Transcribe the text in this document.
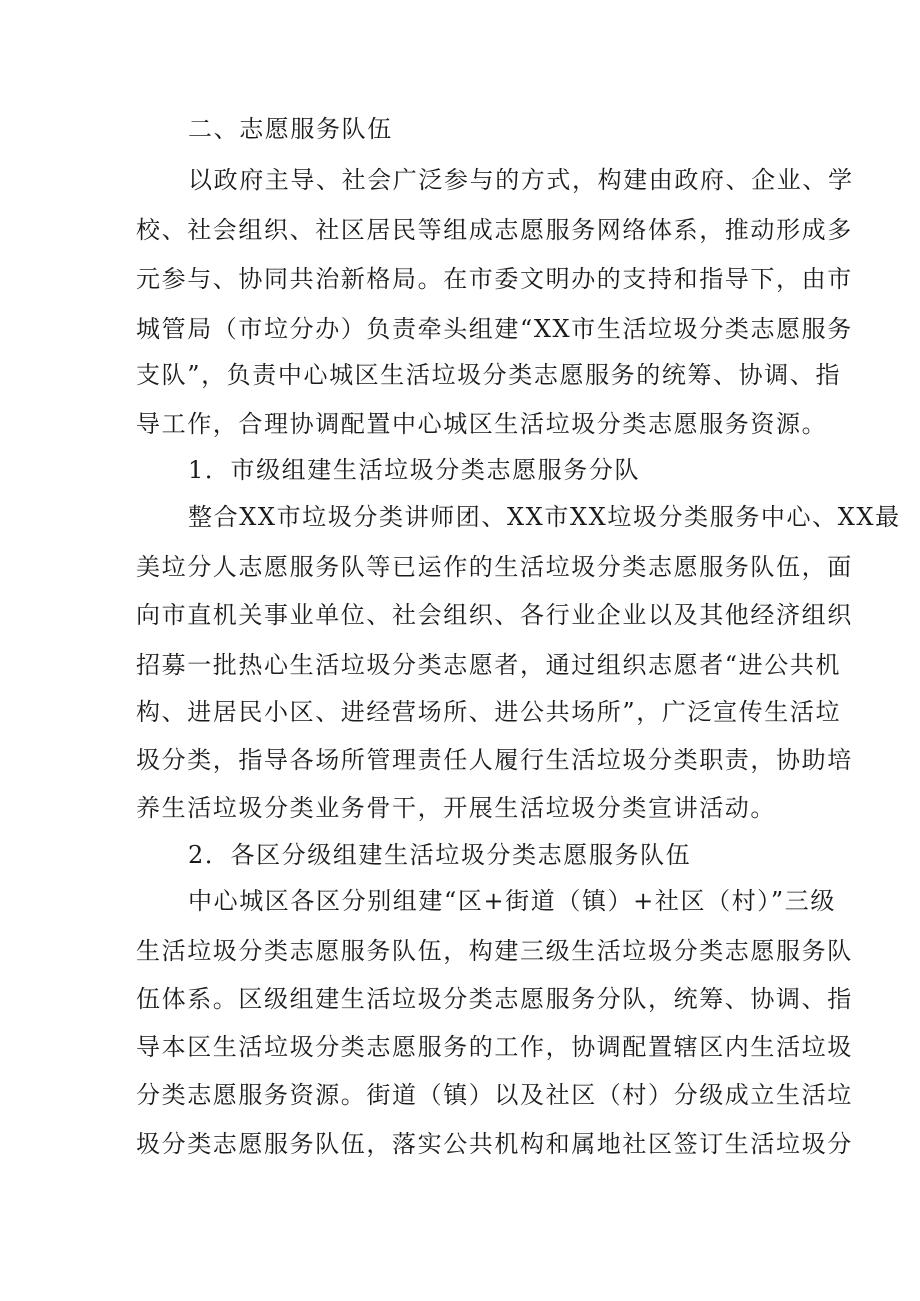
二、志愿服务队伍
以政府主导、社会广泛参与的方式，构建由政府、企业、学
校、社会组织、社区居民等组成志愿服务网络体系，推动形成多
元参与、协同共治新格局。在市委文明办的支持和指导下，由市
城管局（市垃分办）负责牵头组建“XX市生活垃圾分类志愿服务
支队”，负责中心城区生活垃圾分类志愿服务的统筹、协调、指
导工作，合理协调配置中心城区生活垃圾分类志愿服务资源。
1．市级组建生活垃圾分类志愿服务分队
整合XX市垃圾分类讲师团、XX市XX垃圾分类服务中心、XX最
美垃分人志愿服务队等已运作的生活垃圾分类志愿服务队伍，面
向市直机关事业单位、社会组织、各行业企业以及其他经济组织
招募一批热心生活垃圾分类志愿者，通过组织志愿者“进公共机
构、进居民小区、进经营场所、进公共场所”，广泛宣传生活垃
圾分类，指导各场所管理责任人履行生活垃圾分类职责，协助培
养生活垃圾分类业务骨干，开展生活垃圾分类宣讲活动。
2．各区分级组建生活垃圾分类志愿服务队伍
中心城区各区分别组建“区+街道（镇）+社区（村）”三级
生活垃圾分类志愿服务队伍，构建三级生活垃圾分类志愿服务队
伍体系。区级组建生活垃圾分类志愿服务分队，统筹、协调、指
导本区生活垃圾分类志愿服务的工作，协调配置辖区内生活垃圾
分类志愿服务资源。街道（镇）以及社区（村）分级成立生活垃
圾分类志愿服务队伍，落实公共机构和属地社区签订生活垃圾分
